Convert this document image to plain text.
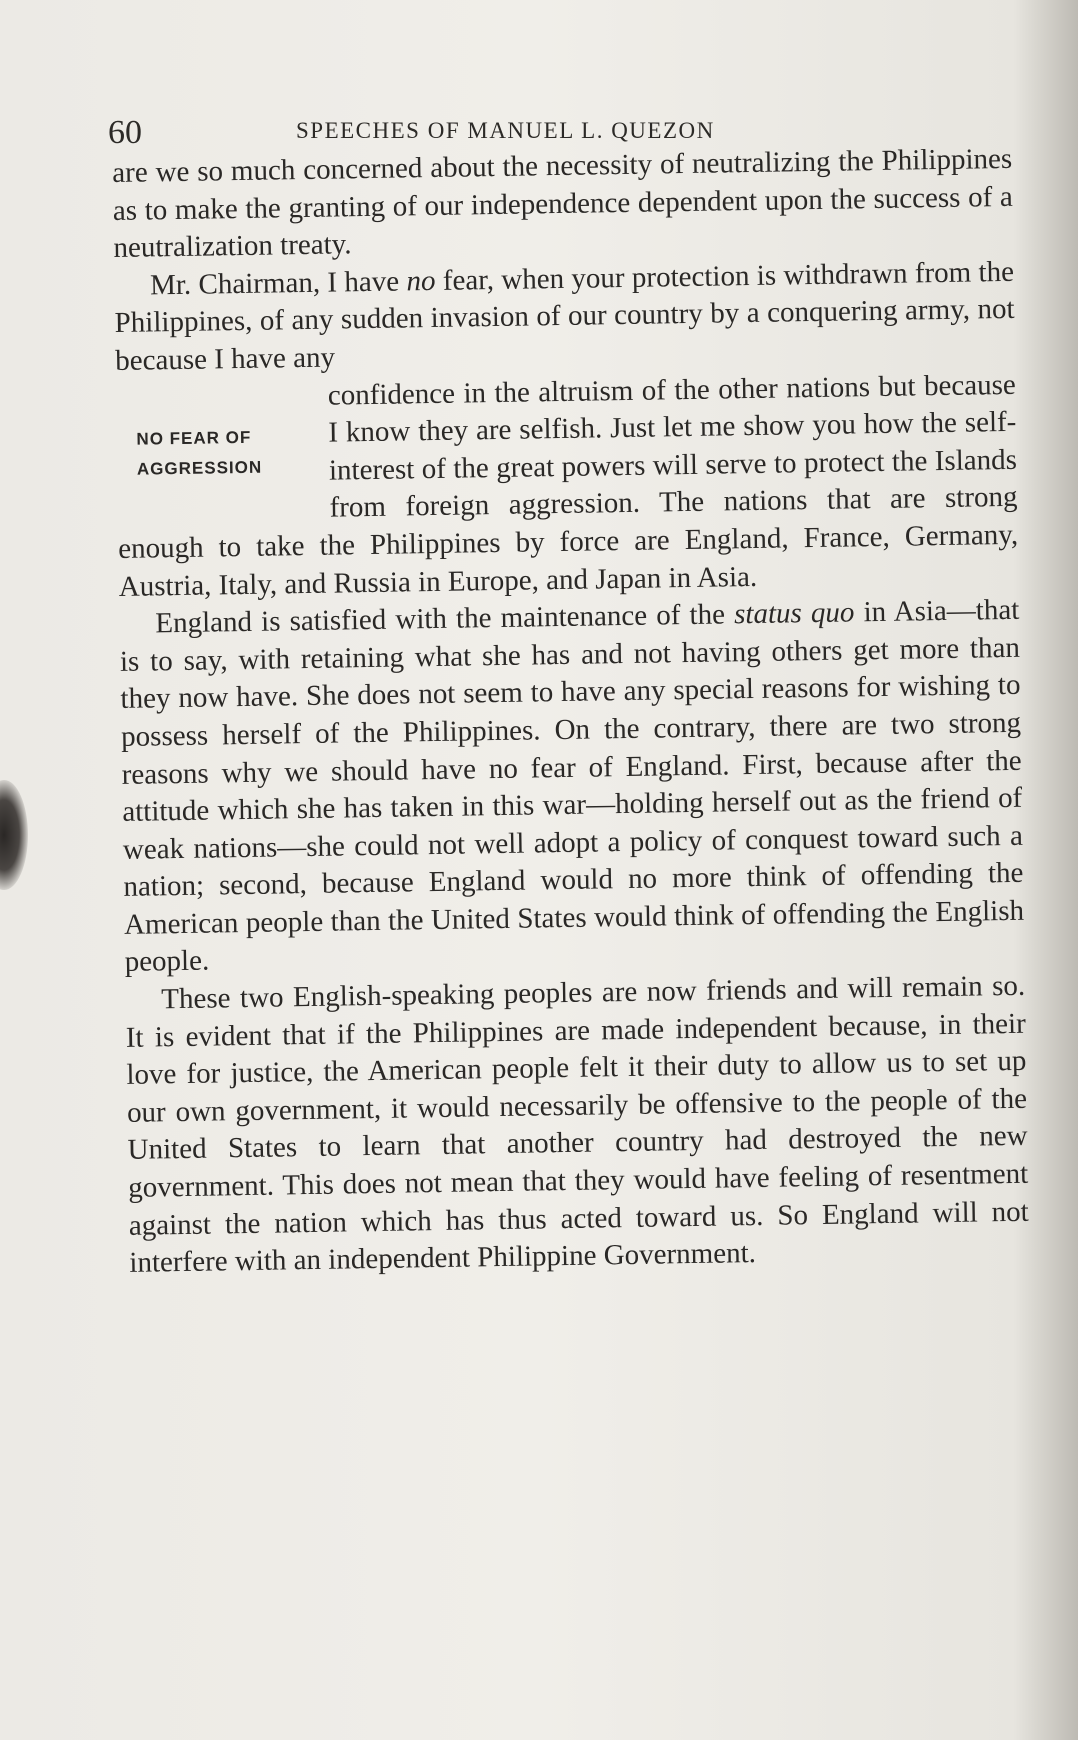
60	SPEECHES OF MANUEL L. QUEZON

are we so much concerned about the necessity of neutralizing the Philippines as to make the granting of our independence dependent upon the success of a neutralization treaty.

Mr. Chairman, I have no fear, when your protection is withdrawn from the Philippines, of any sudden invasion of our country by a conquering army, not because I have any

NO FEAR OF
AGGRESSION
confidence in the altruism of the other nations but because I know they are selfish. Just let me show you how the self-interest of the great powers will serve to protect the Islands from foreign aggression. The nations that are strong enough to take the Philippines by force are England, France, Germany, Austria, Italy, and Russia in Europe, and Japan in Asia.

England is satisfied with the maintenance of the status quo in Asia—that is to say, with retaining what she has and not having others get more than they now have. She does not seem to have any special reasons for wishing to possess herself of the Philippines. On the contrary, there are two strong reasons why we should have no fear of England. First, because after the attitude which she has taken in this war—holding herself out as the friend of weak nations—she could not well adopt a policy of conquest toward such a nation; second, because England would no more think of offending the American people than the United States would think of offending the English people.

These two English-speaking peoples are now friends and will remain so. It is evident that if the Philippines are made independent because, in their love for justice, the American people felt it their duty to allow us to set up our own government, it would necessarily be offensive to the people of the United States to learn that another country had destroyed the new government. This does not mean that they would have feeling of resentment against the nation which has thus acted toward us. So England will not interfere with an independent Philippine Government.
